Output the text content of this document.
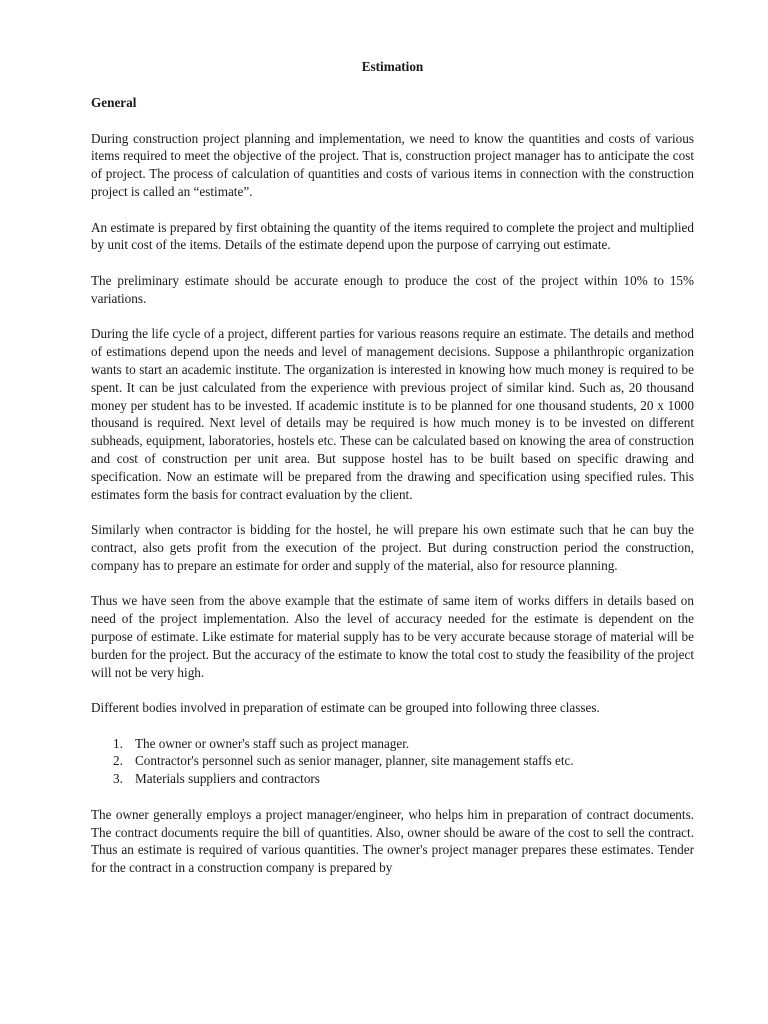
Estimation
General

During construction project planning and implementation, we need to know the quantities and costs of various items required to meet the objective of the project. That is, construction project manager has to anticipate the cost of project. The process of calculation of quantities and costs of various items in connection with the construction project is called an “estimate”.

An estimate is prepared by first obtaining the quantity of the items required to complete the project and multiplied by unit cost of the items. Details of the estimate depend upon the purpose of carrying out estimate.

The preliminary estimate should be accurate enough to produce the cost of the project within 10% to 15% variations.

During the life cycle of a project, different parties for various reasons require an estimate. The details and method of estimations depend upon the needs and level of management decisions. Suppose a philanthropic organization wants to start an academic institute. The organization is interested in knowing how much money is required to be spent. It can be just calculated from the experience with previous project of similar kind. Such as, 20 thousand money per student has to be invested. If academic institute is to be planned for one thousand students, 20 x 1000 thousand is required. Next level of details may be required is how much money is to be invested on different subheads, equipment, laboratories, hostels etc. These can be calculated based on knowing the area of construction and cost of construction per unit area. But suppose hostel has to be built based on specific drawing and specification. Now an estimate will be prepared from the drawing and specification using specified rules. This estimates form the basis for contract evaluation by the client.

Similarly when contractor is bidding for the hostel, he will prepare his own estimate such that he can buy the contract, also gets profit from the execution of the project. But during construction period the construction, company has to prepare an estimate for order and supply of the material, also for resource planning.

Thus we have seen from the above example that the estimate of same item of works differs in details based on need of the project implementation. Also the level of accuracy needed for the estimate is dependent on the purpose of estimate. Like estimate for material supply has to be very accurate because storage of material will be burden for the project. But the accuracy of the estimate to know the total cost to study the feasibility of the project will not be very high.

Different bodies involved in preparation of estimate can be grouped into following three classes.

1. The owner or owner's staff such as project manager.
2. Contractor's personnel such as senior manager, planner, site management staffs etc.
3. Materials suppliers and contractors

The owner generally employs a project manager/engineer, who helps him in preparation of contract documents. The contract documents require the bill of quantities. Also, owner should be aware of the cost to sell the contract. Thus an estimate is required of various quantities. The owner's project manager prepares these estimates. Tender for the contract in a construction company is prepared by
